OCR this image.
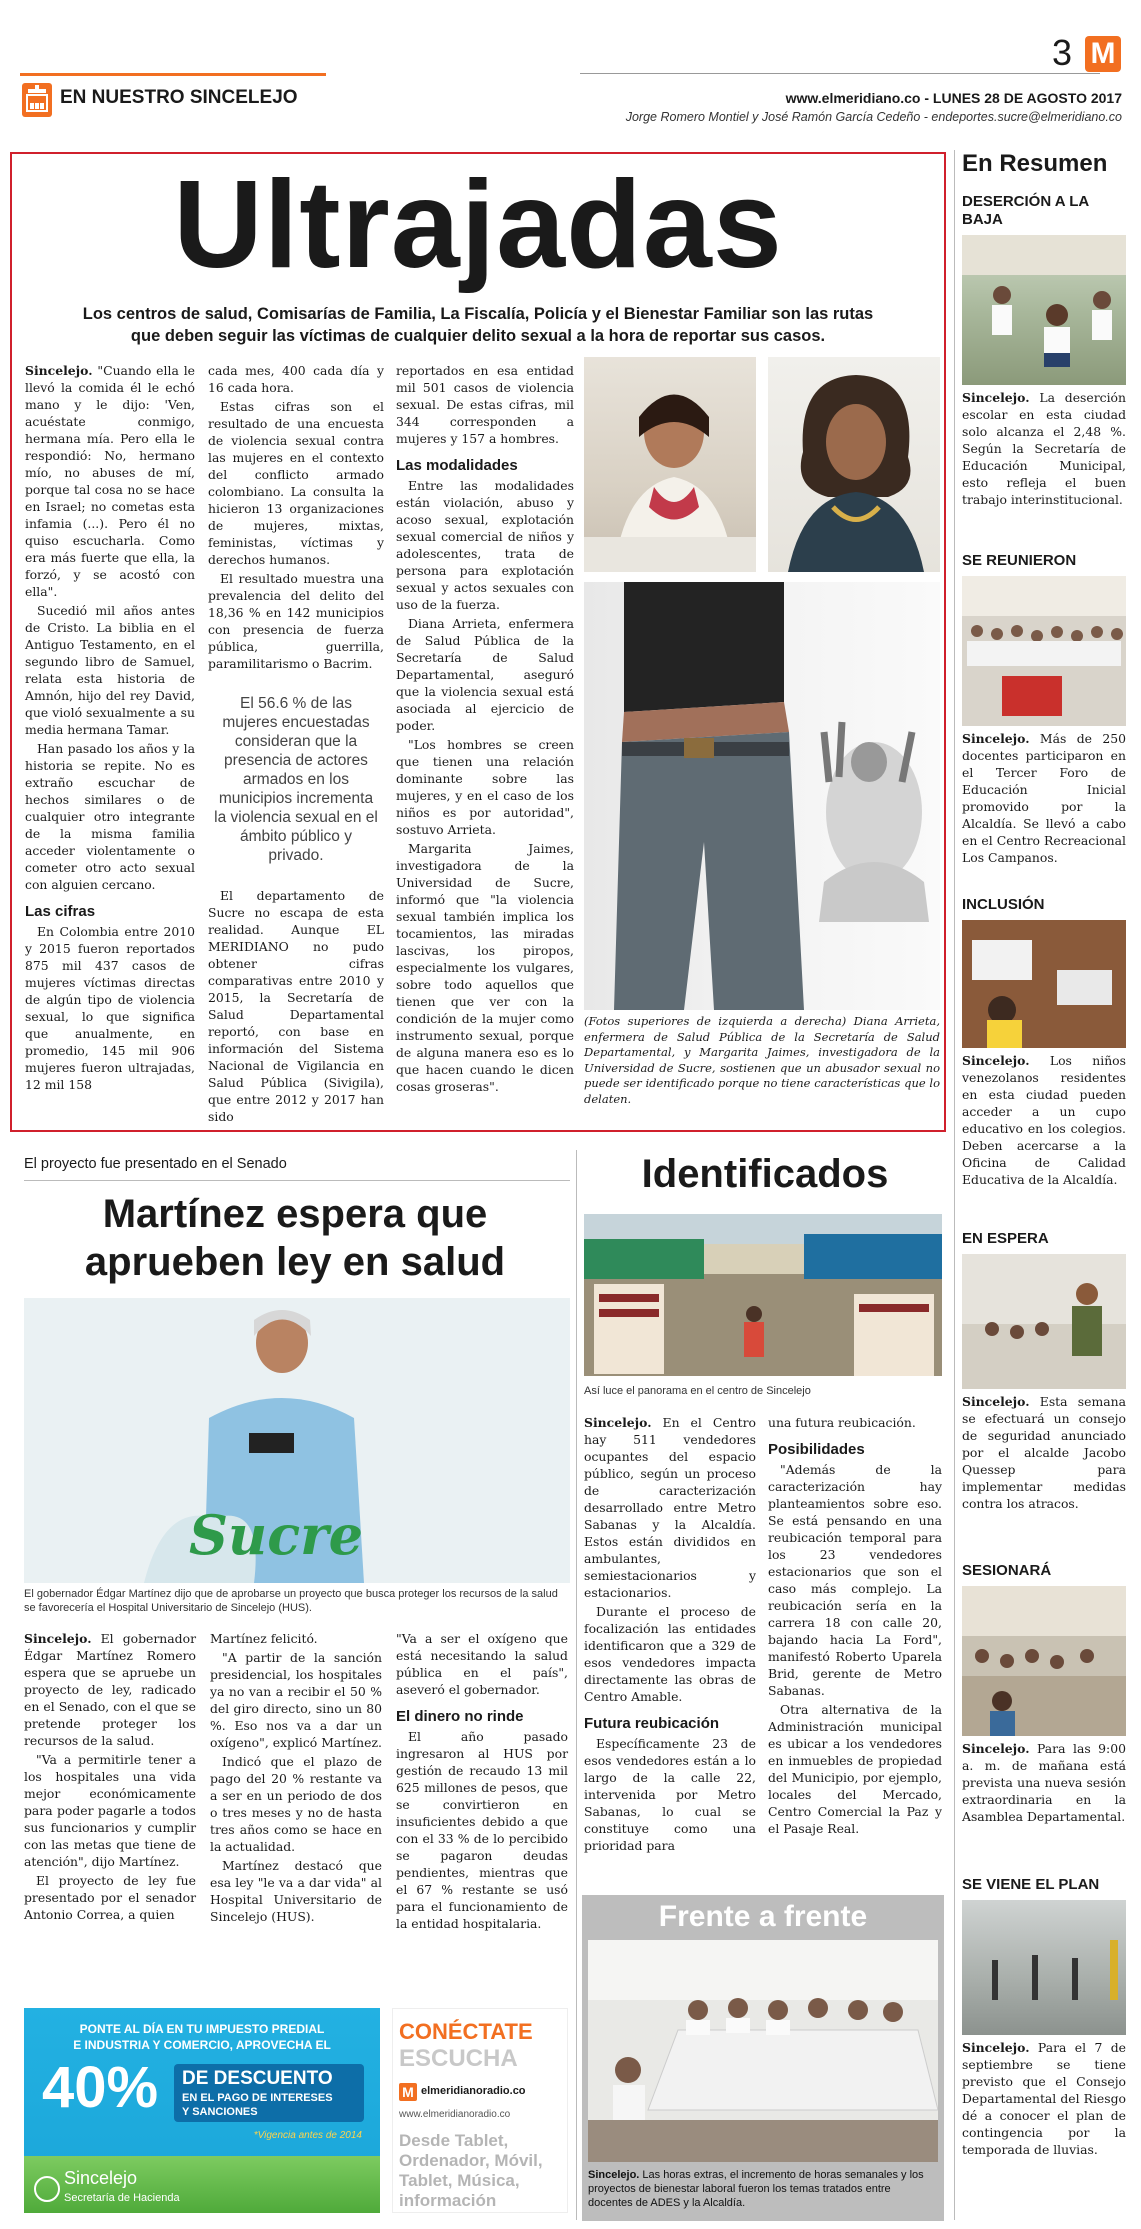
EN NUESTRO SINCELEJO
3 M
www.elmeridiano.co - LUNES 28 DE AGOSTO 2017
Jorge Romero Montiel y José Ramón García Cedeño - endeportes.sucre@elmeridiano.co
Ultrajadas
Los centros de salud, Comisarías de Familia, La Fiscalía, Policía y el Bienestar Familiar son las rutas que deben seguir las víctimas de cualquier delito sexual a la hora de reportar sus casos.

Sincelejo. "Cuando ella le llevó la comida él le echó mano y le dijo: 'Ven, acuéstate conmigo, hermana mía. Pero ella le respondió: No, hermano mío, no abuses de mí, porque tal cosa no se hace en Israel; no cometas esta infamia (...). Pero él no quiso escucharla. Como era más fuerte que ella, la forzó, y se acostó con ella".

Sucedió mil años antes de Cristo. La biblia en el Antiguo Testamento, en el segundo libro de Samuel, relata esta historia de Amnón, hijo del rey David, que violó sexualmente a su media hermana Tamar.

Han pasado los años y la historia se repite. No es extraño escuchar de hechos similares o de cualquier otro integrante de la misma familia acceder violentamente o cometer otro acto sexual con alguien cercano.

Las cifras

En Colombia entre 2010 y 2015 fueron reportados 875 mil 437 casos de mujeres víctimas directas de algún tipo de violencia sexual, lo que significa que anualmente, en promedio, 145 mil 906 mujeres fueron ultrajadas, 12 mil 158

cada mes, 400 cada día y 16 cada hora.

Estas cifras son el resultado de una encuesta de violencia sexual contra las mujeres en el contexto del conflicto armado colombiano. La consulta la hicieron 13 organizaciones de mujeres, mixtas, feministas, víctimas y derechos humanos.

El resultado muestra una prevalencia del delito del 18,36 % en 142 municipios con presencia de fuerza pública, guerrilla, paramilitarismo o Bacrim.

El 56.6 % de las mujeres encuestadas consideran que la presencia de actores armados en los municipios incrementa la violencia sexual en el ámbito público y privado.

El departamento de Sucre no escapa de esta realidad. Aunque EL MERIDIANO no pudo obtener cifras comparativas entre 2010 y 2015, la Secretaría de Salud Departamental reportó, con base en información del Sistema Nacional de Vigilancia en Salud Pública (Sivigila), que entre 2012 y 2017 han sido

reportados en esa entidad mil 501 casos de violencia sexual. De estas cifras, mil 344 corresponden a mujeres y 157 a hombres.

Las modalidades

Entre las modalidades están violación, abuso y acoso sexual, explotación sexual comercial de niños y adolescentes, trata de persona para explotación sexual y actos sexuales con uso de la fuerza.

Diana Arrieta, enfermera de Salud Pública de la Secretaría de Salud Departamental, aseguró que la violencia sexual está asociada al ejercicio de poder.

"Los hombres se creen que tienen una relación dominante sobre las mujeres, y en el caso de los niños es por autoridad", sostuvo Arrieta.

Margarita Jaimes, investigadora de la Universidad de Sucre, informó que "la violencia sexual también implica los tocamientos, las miradas lascivas, los piropos, especialmente los vulgares, sobre todo aquellos que tienen que ver con la condición de la mujer como instrumento sexual, porque de alguna manera eso es lo que hacen cuando le dicen cosas groseras".

(Fotos superiores de izquierda a derecha) Diana Arrieta, enfermera de Salud Pública de la Secretaría de Salud Departamental, y Margarita Jaimes, investigadora de la Universidad de Sucre, sostienen que un abusador sexual no puede ser identificado porque no tiene características que lo delaten.
En Resumen
DESERCIÓN A LA BAJA
Sincelejo. La deserción escolar en esta ciudad solo alcanza el 2,48 %. Según la Secretaría de Educación Municipal, esto refleja el buen trabajo interinstitucional.
SE REUNIERON
Sincelejo. Más de 250 docentes participaron en el Tercer Foro de Educación Inicial promovido por la Alcaldía. Se llevó a cabo en el Centro Recreacional Los Campanos.
INCLUSIÓN
Sincelejo. Los niños venezolanos residentes en esta ciudad pueden acceder a un cupo educativo en los colegios. Deben acercarse a la Oficina de Calidad Educativa de la Alcaldía.
EN ESPERA
Sincelejo. Esta semana se efectuará un consejo de seguridad anunciado por el alcalde Jacobo Quessep para implementar medidas contra los atracos.
SESIONARÁ
Sincelejo. Para las 9:00 a. m. de mañana está prevista una nueva sesión extraordinaria en la Asamblea Departamental.
SE VIENE EL PLAN
Sincelejo. Para el 7 de septiembre se tiene previsto que el Consejo Departamental del Riesgo dé a conocer el plan de contingencia por la temporada de lluvias.
El proyecto fue presentado en el Senado
Martínez espera que
aprueben ley en salud
Sucre
El gobernador Édgar Martínez dijo que de aprobarse un proyecto que busca proteger los recursos de la salud se favorecería el Hospital Universitario de Sincelejo (HUS).

Sincelejo. El gobernador Édgar Martínez Romero espera que se apruebe un proyecto de ley, radicado en el Senado, con el que se pretende proteger los recursos de la salud.

"Va a permitirle tener a los hospitales una vida mejor económicamente para poder pagarle a todos sus funcionarios y cumplir con las metas que tiene de atención", dijo Martínez.

El proyecto de ley fue presentado por el senador Antonio Correa, a quien

Martínez felicitó.

"A partir de la sanción presidencial, los hospitales ya no van a recibir el 50 % del giro directo, sino un 80 %. Eso nos va a dar un oxígeno", explicó Martínez.

Indicó que el plazo de pago del 20 % restante va a ser en un periodo de dos o tres meses y no de hasta tres años como se hace en la actualidad.

Martínez destacó que esa ley "le va a dar vida" al Hospital Universitario de Sincelejo (HUS).

"Va a ser el oxígeno que está necesitando la salud pública en el país", aseveró el gobernador.

El dinero no rinde

El año pasado ingresaron al HUS por gestión de recaudo 13 mil 625 millones de pesos, que se convirtieron en insuficientes debido a que con el 33 % de lo percibido se pagaron deudas pendientes, mientras que el 67 % restante se usó para el funcionamiento de la entidad hospitalaria.

Identificados
Así luce el panorama en el centro de Sincelejo

Sincelejo. En el Centro hay 511 vendedores ocupantes del espacio público, según un proceso de caracterización desarrollado entre Metro Sabanas y la Alcaldía. Estos están divididos en ambulantes, semiestacionarios y estacionarios.

Durante el proceso de focalización las entidades identificaron que a 329 de esos vendedores impacta directamente las obras de Centro Amable.

Futura reubicación

Específicamente 23 de esos vendedores están a lo largo de la calle 22, intervenida por Metro Sabanas, lo cual se constituye como una prioridad para

una futura reubicación.

Posibilidades

"Además de la caracterización hay planteamientos sobre eso. Se está pensando en una reubicación temporal para los 23 vendedores estacionarios que son el caso más complejo. La reubicación sería en la carrera 18 con calle 20, bajando hacia La Ford", manifestó Roberto Uparela Brid, gerente de Metro Sabanas.

Otra alternativa de la Administración municipal es ubicar a los vendedores en inmuebles de propiedad del Municipio, por ejemplo, locales del Mercado, Centro Comercial la Paz y el Pasaje Real.

Frente a frente
Sincelejo. Las horas extras, el incremento de horas semanales y los proyectos de bienestar laboral fueron los temas tratados entre docentes de ADES y la Alcaldía.
PONTE AL DÍA EN TU IMPUESTO PREDIAL
E INDUSTRIA Y COMERCIO, APROVECHA EL
40% DE DESCUENTO
EN EL PAGO DE INTERESES
Y SANCIONES
*Vigencia antes de 2014
Sincelejo
Secretaría de Hacienda
CONÉCTATE
ESCUCHA
M elmeridianoradio.co
www.elmeridianoradio.co
Desde Tablet, Ordenador, Móvil, Tablet, Música, información
